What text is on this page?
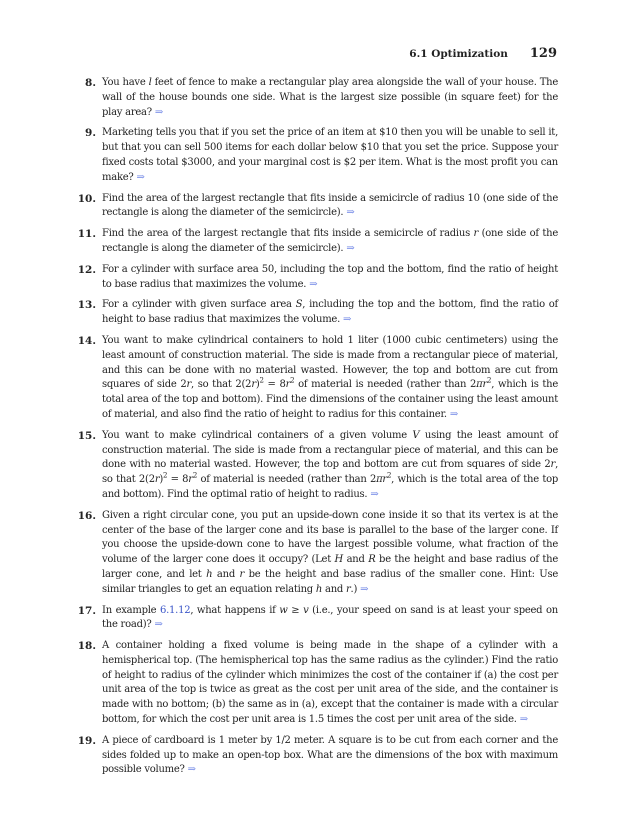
6.1 Optimization 129
8. You have l feet of fence to make a rectangular play area alongside the wall of your house. The wall of the house bounds one side. What is the largest size possible (in square feet) for the play area? ⇒
9. Marketing tells you that if you set the price of an item at $10 then you will be unable to sell it, but that you can sell 500 items for each dollar below $10 that you set the price. Suppose your fixed costs total $3000, and your marginal cost is $2 per item. What is the most profit you can make? ⇒
10. Find the area of the largest rectangle that fits inside a semicircle of radius 10 (one side of the rectangle is along the diameter of the semicircle). ⇒
11. Find the area of the largest rectangle that fits inside a semicircle of radius r (one side of the rectangle is along the diameter of the semicircle). ⇒
12. For a cylinder with surface area 50, including the top and the bottom, find the ratio of height to base radius that maximizes the volume. ⇒
13. For a cylinder with given surface area S, including the top and the bottom, find the ratio of height to base radius that maximizes the volume. ⇒
14. You want to make cylindrical containers to hold 1 liter (1000 cubic centimeters) using the least amount of construction material. The side is made from a rectangular piece of material, and this can be done with no material wasted. However, the top and bottom are cut from squares of side 2r, so that $2(2r)^2 = 8r^2$ of material is needed (rather than $2\pi r^2$, which is the total area of the top and bottom). Find the dimensions of the container using the least amount of material, and also find the ratio of height to radius for this container. ⇒
15. You want to make cylindrical containers of a given volume V using the least amount of construction material. The side is made from a rectangular piece of material, and this can be done with no material wasted. However, the top and bottom are cut from squares of side 2r, so that $2(2r)^2 = 8r^2$ of material is needed (rather than $2\pi r^2$, which is the total area of the top and bottom). Find the optimal ratio of height to radius. ⇒
16. Given a right circular cone, you put an upside-down cone inside it so that its vertex is at the center of the base of the larger cone and its base is parallel to the base of the larger cone. If you choose the upside-down cone to have the largest possible volume, what fraction of the volume of the larger cone does it occupy? (Let H and R be the height and base radius of the larger cone, and let h and r be the height and base radius of the smaller cone. Hint: Use similar triangles to get an equation relating h and r.) ⇒
17. In example 6.1.12, what happens if w ≥ v (i.e., your speed on sand is at least your speed on the road)? ⇒
18. A container holding a fixed volume is being made in the shape of a cylinder with a hemispherical top. (The hemispherical top has the same radius as the cylinder.) Find the ratio of height to radius of the cylinder which minimizes the cost of the container if (a) the cost per unit area of the top is twice as great as the cost per unit area of the side, and the container is made with no bottom; (b) the same as in (a), except that the container is made with a circular bottom, for which the cost per unit area is 1.5 times the cost per unit area of the side. ⇒
19. A piece of cardboard is 1 meter by 1/2 meter. A square is to be cut from each corner and the sides folded up to make an open-top box. What are the dimensions of the box with maximum possible volume? ⇒
